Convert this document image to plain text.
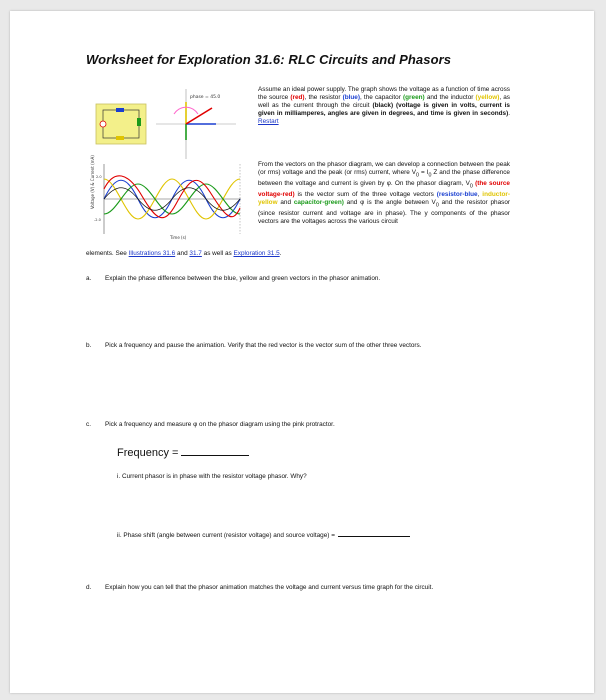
Worksheet for Exploration 31.6: RLC Circuits and Phasors
phase = 45.0
Voltage (V) & Current (mA)
Time (s)
2.0
-2.0
Assume an ideal power supply. The graph shows the voltage as a function of time across the source (red), the resistor (blue), the capacitor (green) and the inductor (yellow), as well as the current through the circuit (black) (voltage is given in volts, current is given in milliamperes, angles are given in degrees, and time is given in seconds). Restart
From the vectors on the phasor diagram, we can develop a connection between the peak (or rms) voltage and the peak (or rms) current, where $V_0 = I_0$ Z and the phase difference between the voltage and current is given by φ. On the phasor diagram, $V_0$ (the source voltage-red) is the vector sum of the three voltage vectors (resistor-blue, inductor-yellow and capacitor-green) and φ is the angle between $V_0$ and the resistor phasor (since resistor current and voltage are in phase). The y components of the phasor vectors are the voltages across the various circuit
elements. See Illustrations 31.6 and 31.7 as well as Exploration 31.5.
a. Explain the phase difference between the blue, yellow and green vectors in the phasor animation.
b. Pick a frequency and pause the animation. Verify that the red vector is the vector sum of the other three vectors.
c. Pick a frequency and measure φ on the phasor diagram using the pink protractor.
Frequency =
i. Current phasor is in phase with the resistor voltage phasor. Why?
ii. Phase shift (angle between current (resistor voltage) and source voltage) =
d. Explain how you can tell that the phasor animation matches the voltage and current versus time graph for the circuit.
